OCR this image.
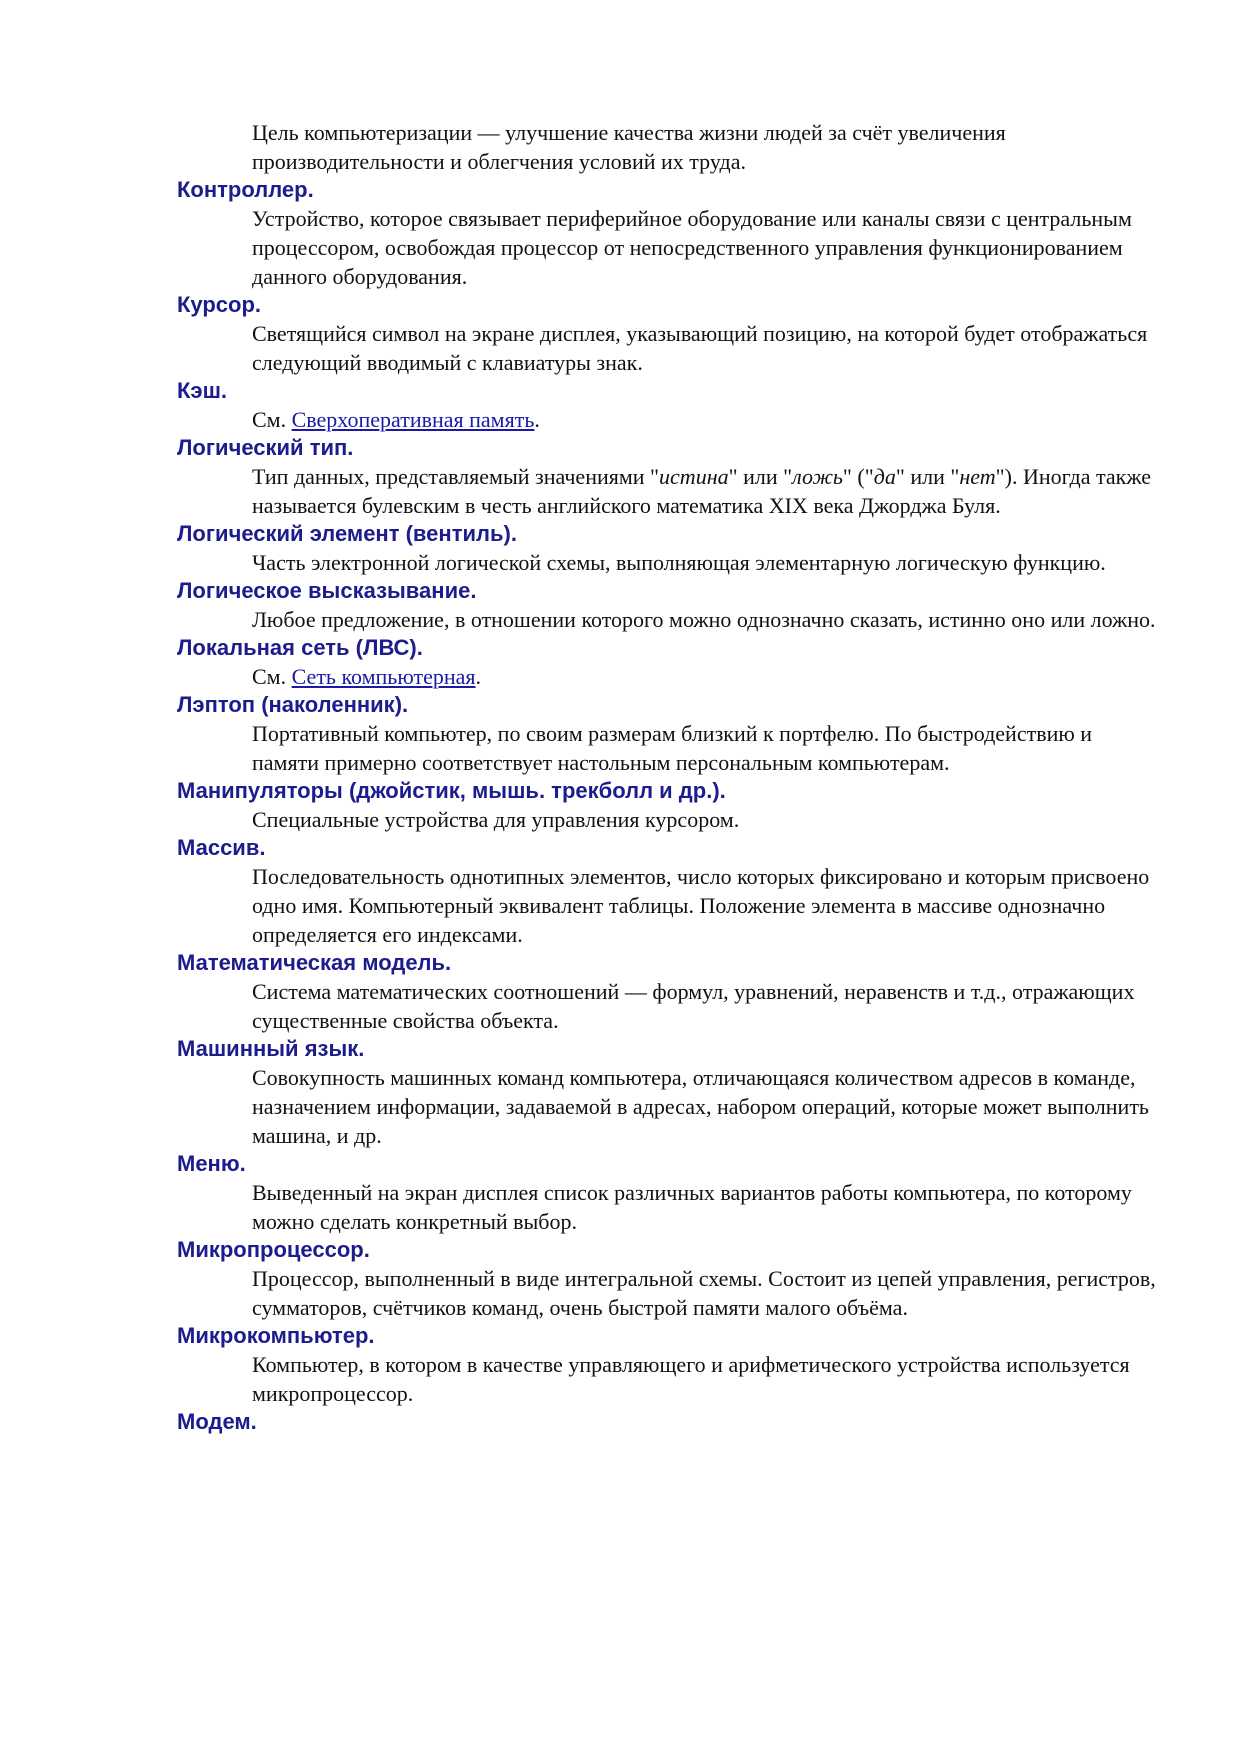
Цель компьютеризации — улучшение качества жизни людей за счёт увеличения производительности и облегчения условий их труда.
Контроллер.
Устройство, которое связывает периферийное оборудование или каналы связи с центральным процессором, освобождая процессор от непосредственного управления функционированием данного оборудования.
Курсор.
Светящийся символ на экране дисплея, указывающий позицию, на которой будет отображаться следующий вводимый с клавиатуры знак.
Кэш.
См. Сверхоперативная память.
Логический тип.
Тип данных, представляемый значениями "истина" или "ложь" ("да" или "нет"). Иногда также называется булевским в честь английского математика XIX века Джорджа Буля.
Логический элемент (вентиль).
Часть электронной логической схемы, выполняющая элементарную логическую функцию.
Логическое высказывание.
Любое предложение, в отношении которого можно однозначно сказать, истинно оно или ложно.
Локальная сеть (ЛВС).
См. Сеть компьютерная.
Лэптоп (наколенник).
Портативный компьютер, по своим размерам близкий к портфелю. По быстродействию и памяти примерно соответствует настольным персональным компьютерам.
Манипуляторы (джойстик, мышь. трекболл и др.).
Специальные устройства для управления курсором.
Массив.
Последовательность однотипных элементов, число которых фиксировано и которым присвоено одно имя. Компьютерный эквивалент таблицы. Положение элемента в массиве однозначно определяется его индексами.
Математическая модель.
Система математических соотношений — формул, уравнений, неравенств и т.д., отражающих существенные свойства объекта.
Машинный язык.
Совокупность машинных команд компьютера, отличающаяся количеством адресов в команде, назначением информации, задаваемой в адресах, набором операций, которые может выполнить машина, и др.
Меню.
Выведенный на экран дисплея список различных вариантов работы компьютера, по которому можно сделать конкретный выбор.
Микропроцессор.
Процессор, выполненный в виде интегральной схемы. Состоит из цепей управления, регистров, сумматоров, счётчиков команд, очень быстрой памяти малого объёма.
Микрокомпьютер.
Компьютер, в котором в качестве управляющего и арифметического устройства используется микропроцессор.
Модем.
